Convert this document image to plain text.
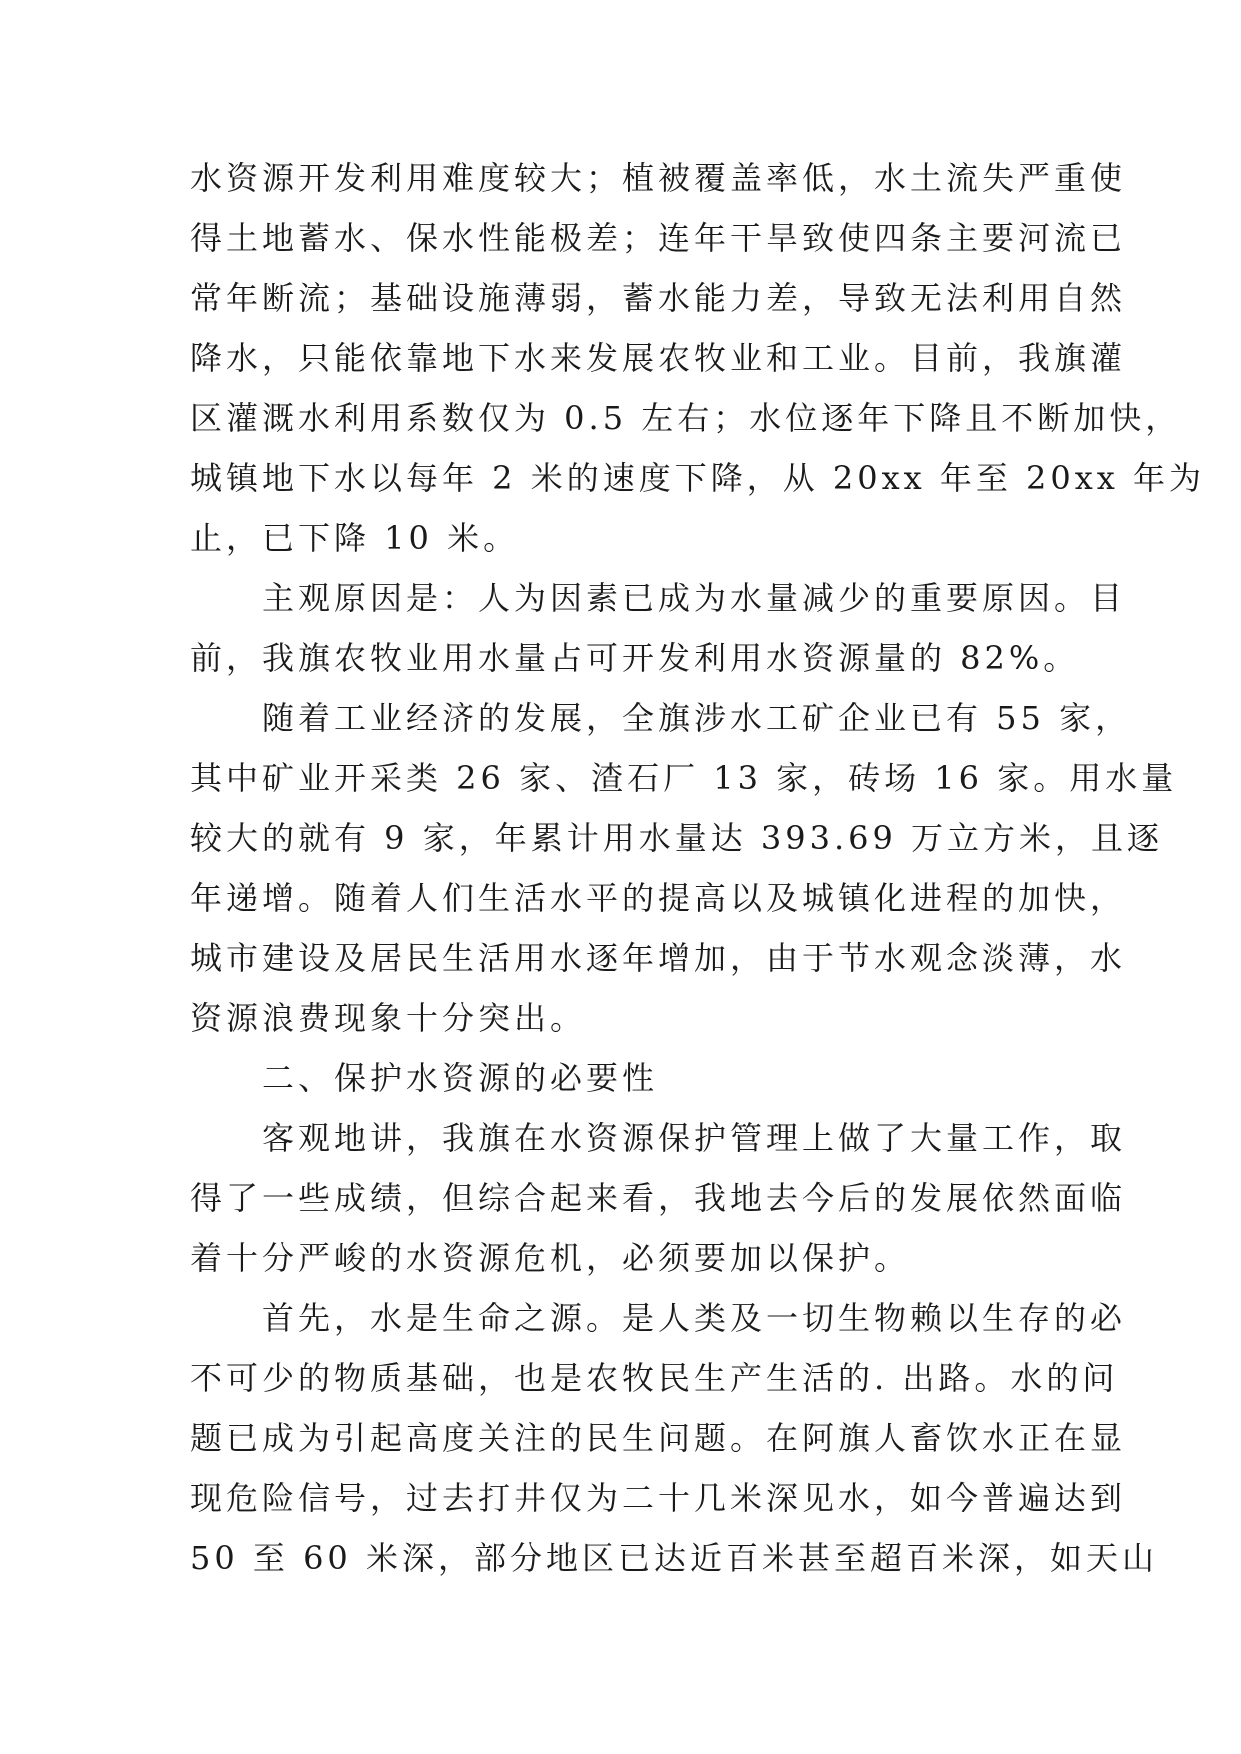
水资源开发利用难度较大；植被覆盖率低，水土流失严重使
得土地蓄水、保水性能极差；连年干旱致使四条主要河流已
常年断流；基础设施薄弱，蓄水能力差，导致无法利用自然
降水，只能依靠地下水来发展农牧业和工业。目前，我旗灌
区灌溉水利用系数仅为 0.5 左右；水位逐年下降且不断加快，
城镇地下水以每年 2 米的速度下降，从 20xx 年至 20xx 年为
止，已下降 10 米。
　　主观原因是：人为因素已成为水量减少的重要原因。目
前，我旗农牧业用水量占可开发利用水资源量的 82%。
　　随着工业经济的发展，全旗涉水工矿企业已有 55 家，
其中矿业开采类 26 家、渣石厂 13 家，砖场 16 家。用水量
较大的就有 9 家，年累计用水量达 393.69 万立方米，且逐
年递增。随着人们生活水平的提高以及城镇化进程的加快，
城市建设及居民生活用水逐年增加，由于节水观念淡薄，水
资源浪费现象十分突出。
　　二、保护水资源的必要性
　　客观地讲，我旗在水资源保护管理上做了大量工作，取
得了一些成绩，但综合起来看，我地去今后的发展依然面临
着十分严峻的水资源危机，必须要加以保护。
　　首先，水是生命之源。是人类及一切生物赖以生存的必
不可少的物质基础，也是农牧民生产生活的. 出路。水的问
题已成为引起高度关注的民生问题。在阿旗人畜饮水正在显
现危险信号，过去打井仅为二十几米深见水，如今普遍达到
50 至 60 米深，部分地区已达近百米甚至超百米深，如天山
